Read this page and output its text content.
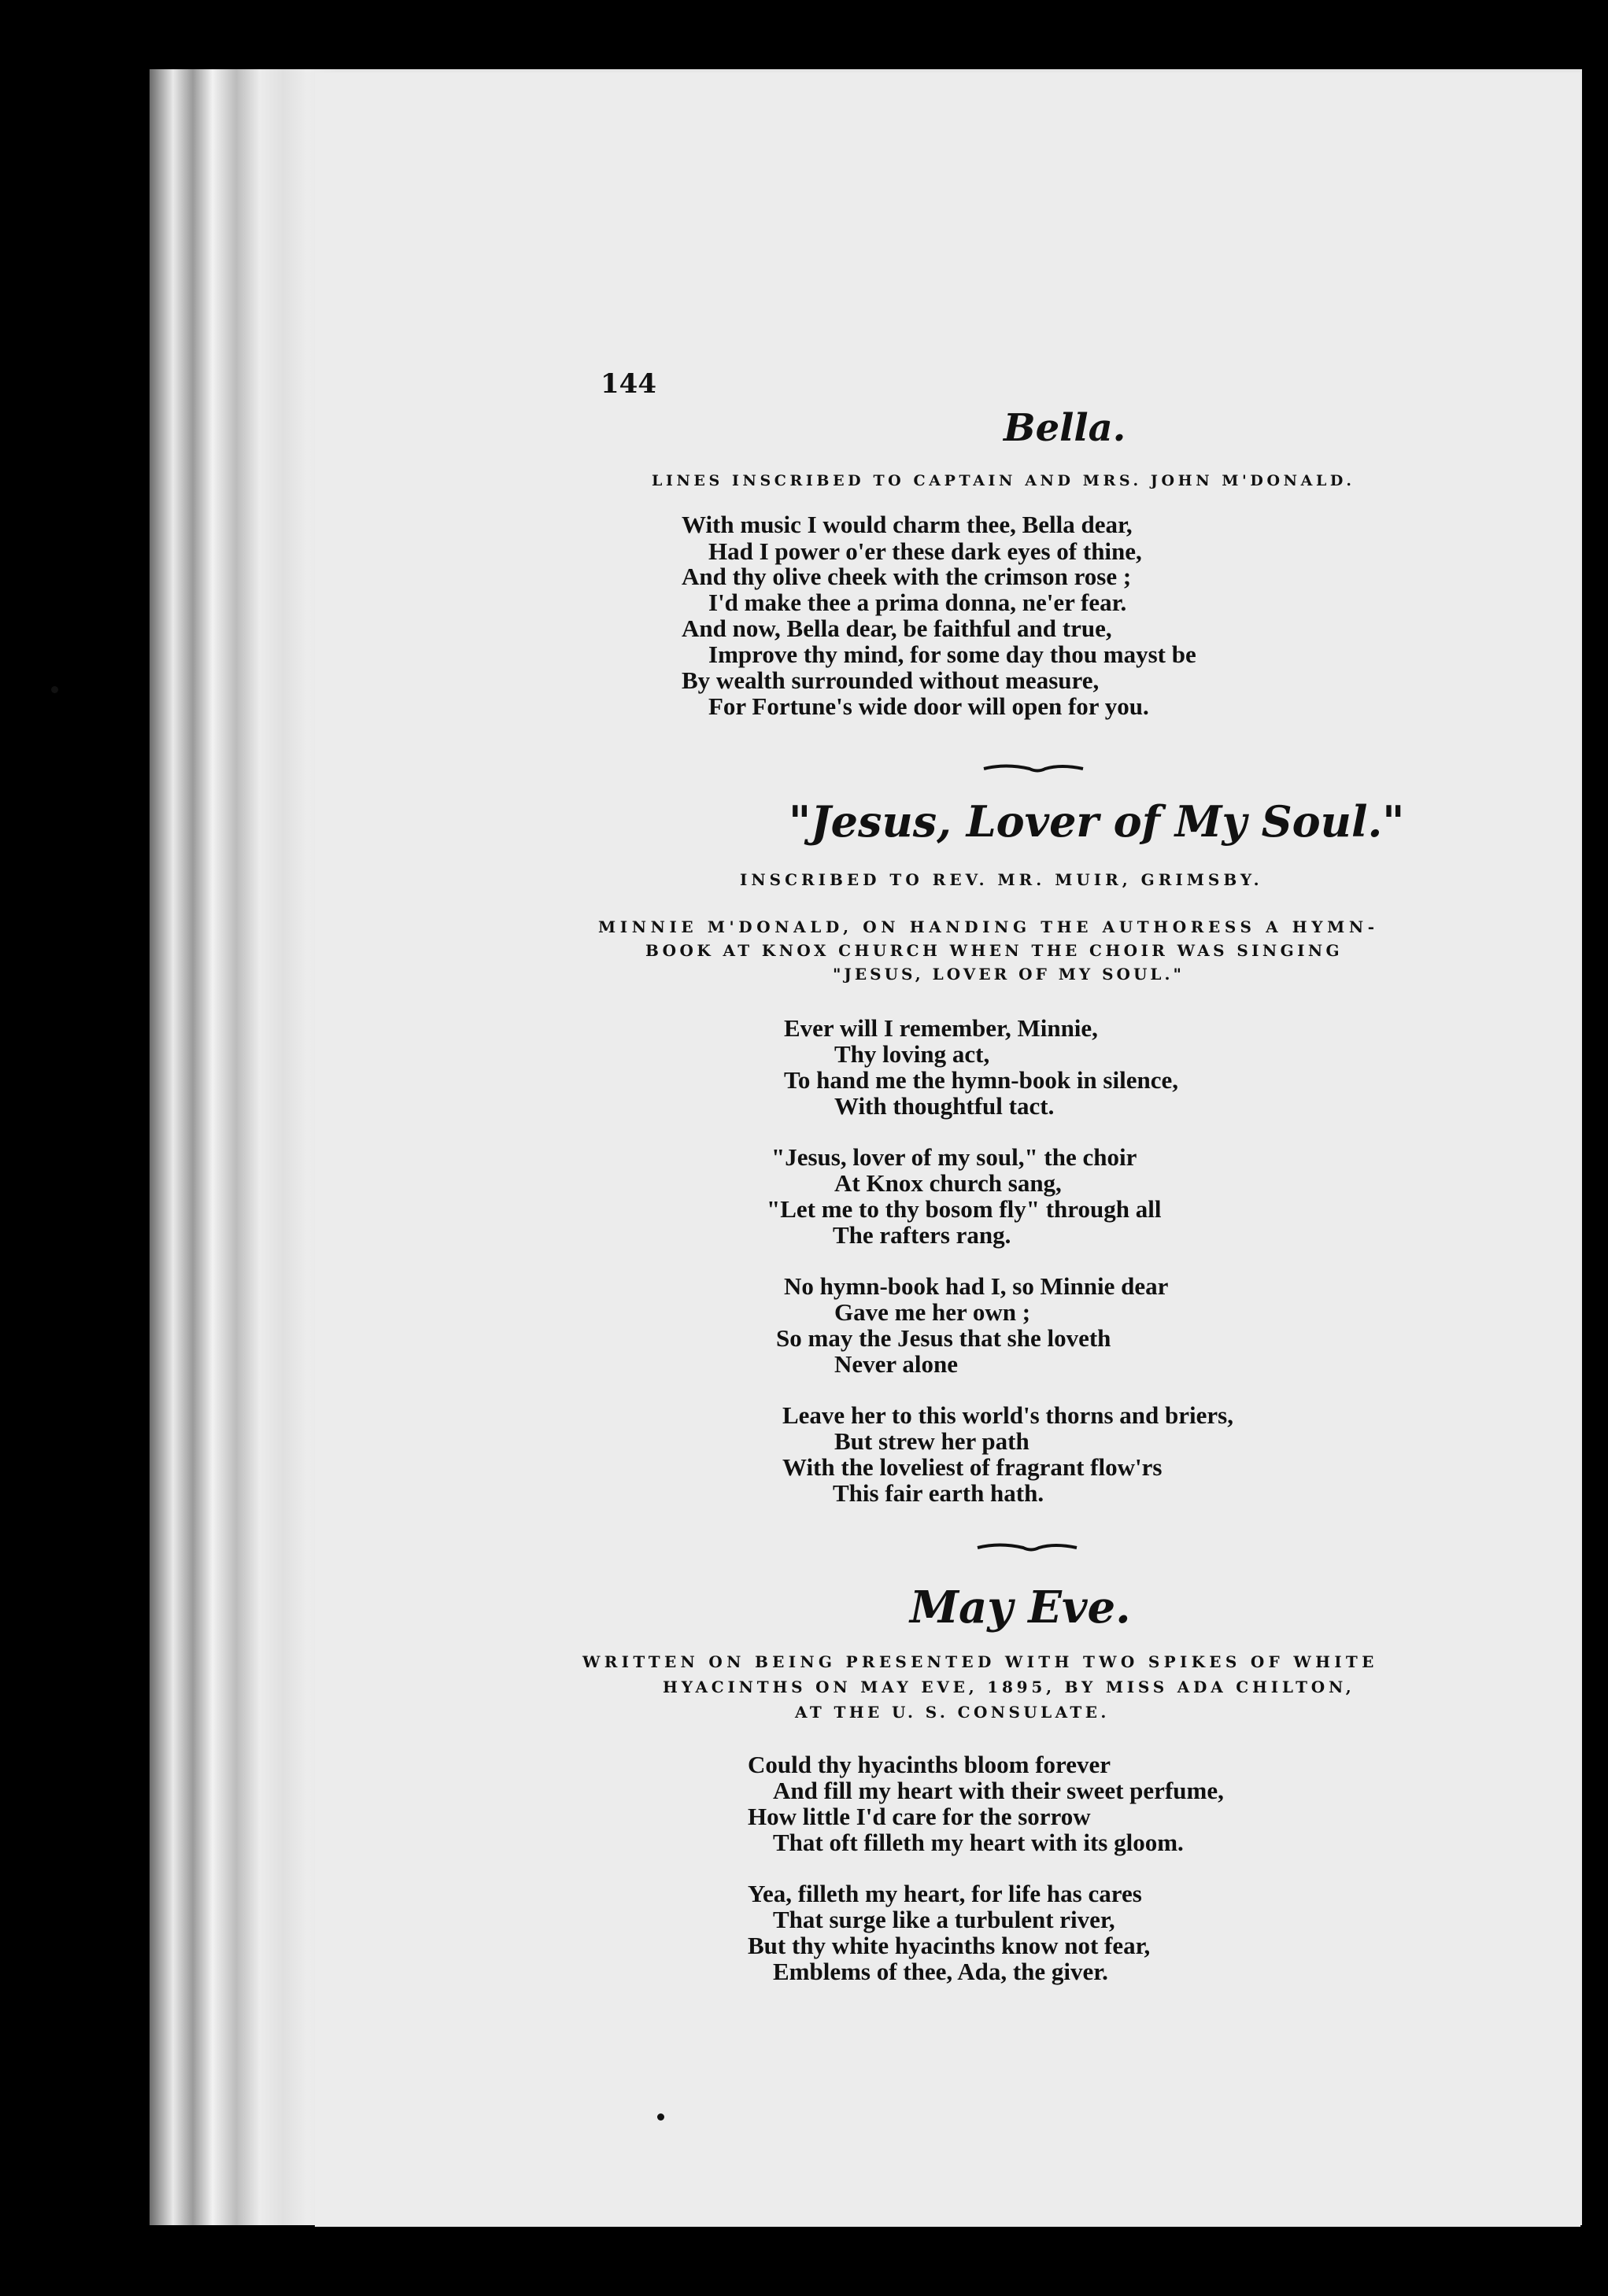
144
Bella.
LINES INSCRIBED TO CAPTAIN AND MRS. JOHN M'DONALD.
With music I would charm thee, Bella dear,
Had I power o'er these dark eyes of thine,
And thy olive cheek with the crimson rose ;
I'd make thee a prima donna, ne'er fear.
And now, Bella dear, be faithful and true,
Improve thy mind, for some day thou mayst be
By wealth surrounded without measure,
For Fortune's wide door will open for you.
"Jesus, Lover of My Soul."
INSCRIBED TO REV. MR. MUIR, GRIMSBY.
MINNIE M'DONALD, ON HANDING THE AUTHORESS A HYMN-
BOOK AT KNOX CHURCH WHEN THE CHOIR WAS SINGING
"JESUS, LOVER OF MY SOUL."
Ever will I remember, Minnie,
Thy loving act,
To hand me the hymn-book in silence,
With thoughtful tact.
"Jesus, lover of my soul," the choir
At Knox church sang,
"Let me to thy bosom fly" through all
The rafters rang.
No hymn-book had I, so Minnie dear
Gave me her own ;
So may the Jesus that she loveth
Never alone
Leave her to this world's thorns and briers,
But strew her path
With the loveliest of fragrant flow'rs
This fair earth hath.
May Eve.
WRITTEN ON BEING PRESENTED WITH TWO SPIKES OF WHITE
HYACINTHS ON MAY EVE, 1895, BY MISS ADA CHILTON,
AT THE U. S. CONSULATE.
Could thy hyacinths bloom forever
And fill my heart with their sweet perfume,
How little I'd care for the sorrow
That oft filleth my heart with its gloom.
Yea, filleth my heart, for life has cares
That surge like a turbulent river,
But thy white hyacinths know not fear,
Emblems of thee, Ada, the giver.
